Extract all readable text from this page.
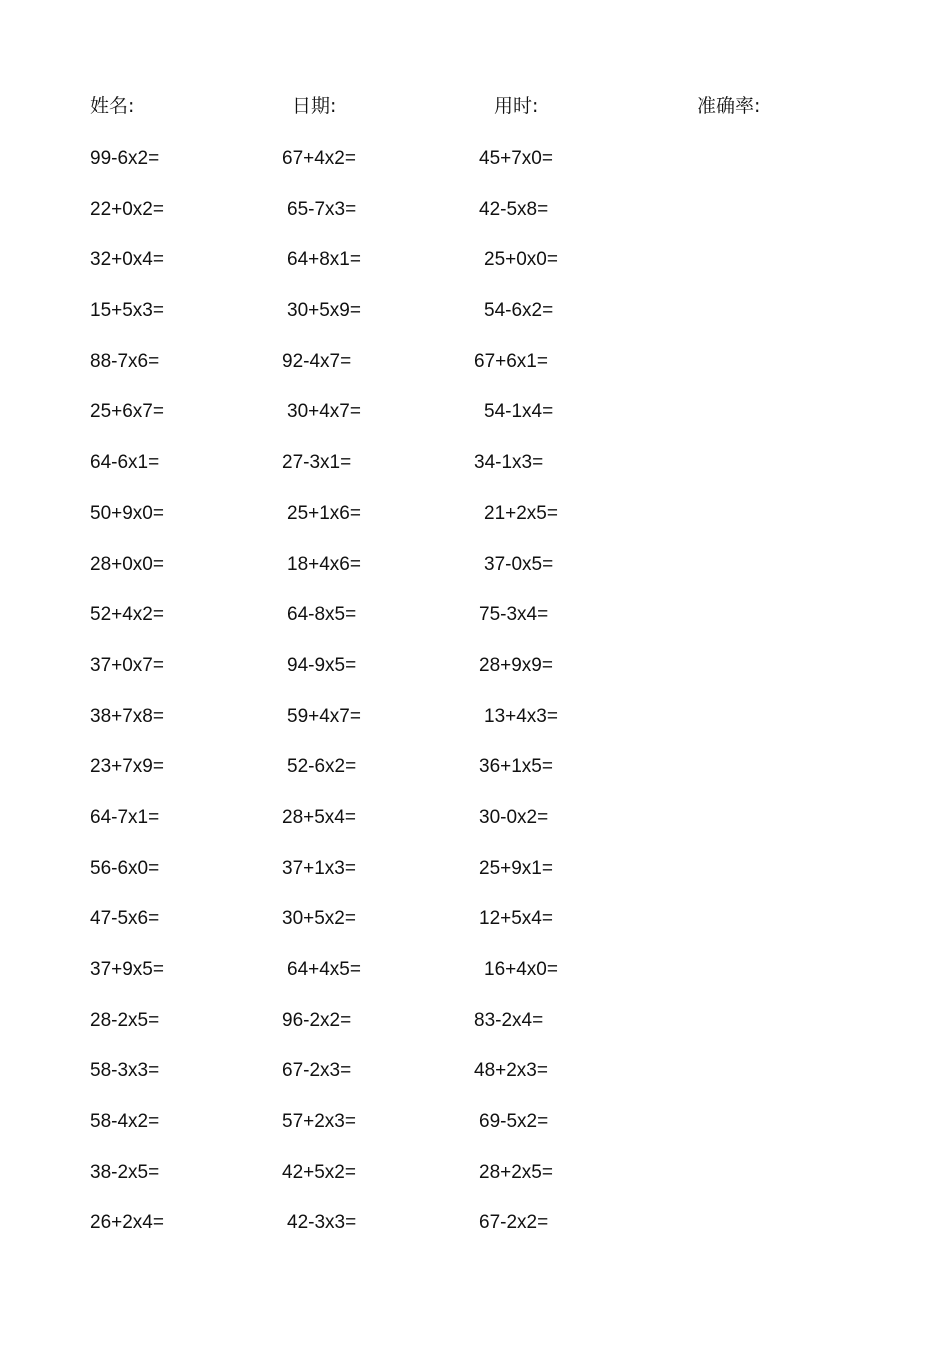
姓名:	日期:	用时:	准确率:
99-6x2=	67+4x2=	45+7x0=
22+0x2=	65-7x3=	42-5x8=
32+0x4=	64+8x1=	25+0x0=
15+5x3=	30+5x9=	54-6x2=
88-7x6=	92-4x7=	67+6x1=
25+6x7=	30+4x7=	54-1x4=
64-6x1=	27-3x1=	34-1x3=
50+9x0=	25+1x6=	21+2x5=
28+0x0=	18+4x6=	37-0x5=
52+4x2=	64-8x5=	75-3x4=
37+0x7=	94-9x5=	28+9x9=
38+7x8=	59+4x7=	13+4x3=
23+7x9=	52-6x2=	36+1x5=
64-7x1=	28+5x4=	30-0x2=
56-6x0=	37+1x3=	25+9x1=
47-5x6=	30+5x2=	12+5x4=
37+9x5=	64+4x5=	16+4x0=
28-2x5=	96-2x2=	83-2x4=
58-3x3=	67-2x3=	48+2x3=
58-4x2=	57+2x3=	69-5x2=
38-2x5=	42+5x2=	28+2x5=
26+2x4=	42-3x3=	67-2x2=
